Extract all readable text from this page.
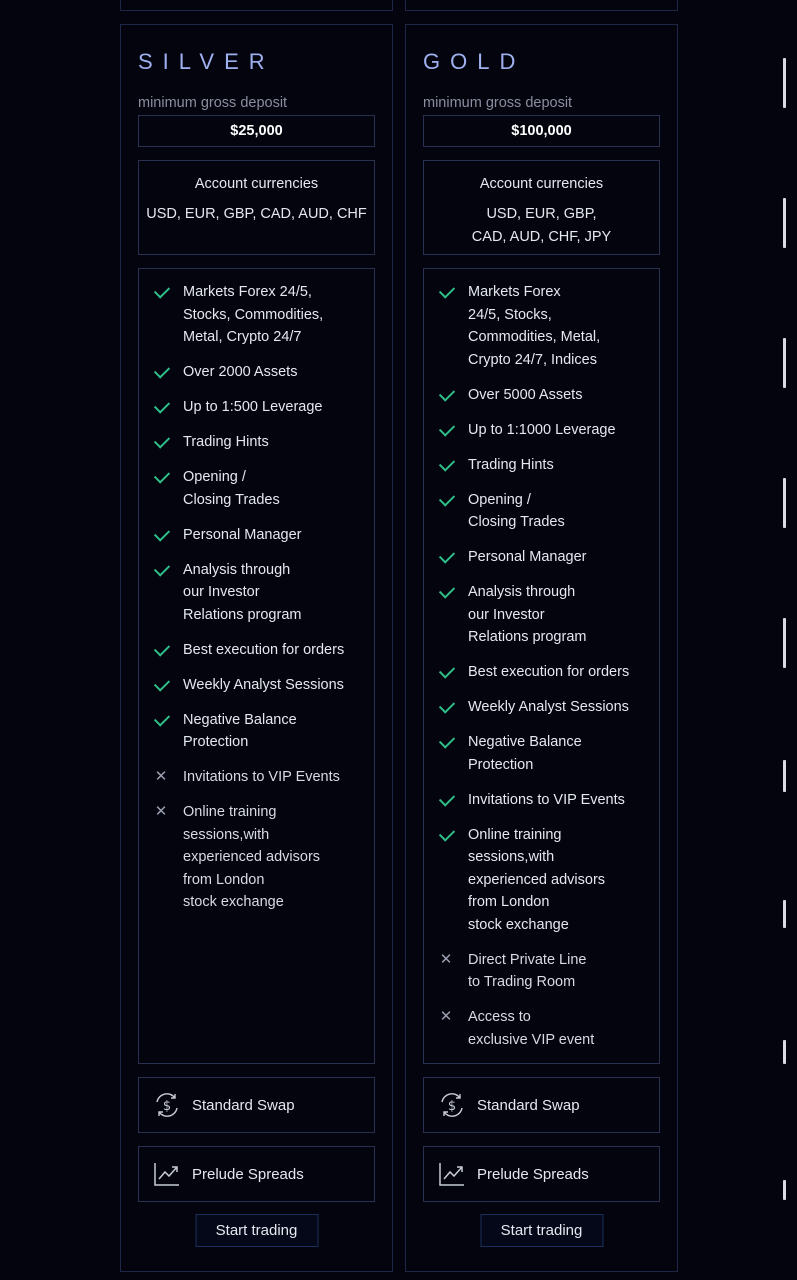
SILVER
minimum gross deposit
$25,000
Account currencies
USD, EUR, GBP, CAD, AUD, CHF
Markets Forex 24/5,
Stocks, Commodities,
Metal, Crypto 24/7
Over 2000 Assets
Up to 1:500 Leverage
Trading Hints
Opening /
Closing Trades
Personal Manager
Analysis through
our Investor
Relations program
Best execution for orders
Weekly Analyst Sessions
Negative Balance
Protection
✕ Invitations to VIP Events
✕ Online training
sessions,with
experienced advisors
from London
stock exchange
$ Standard Swap
Prelude Spreads
Start trading
GOLD
minimum gross deposit
$100,000
Account currencies
USD, EUR, GBP,
CAD, AUD, CHF, JPY
Markets Forex
24/5, Stocks,
Commodities, Metal,
Crypto 24/7, Indices
Over 5000 Assets
Up to 1:1000 Leverage
Trading Hints
Opening /
Closing Trades
Personal Manager
Analysis through
our Investor
Relations program
Best execution for orders
Weekly Analyst Sessions
Negative Balance
Protection
Invitations to VIP Events
Online training
sessions,with
experienced advisors
from London
stock exchange
✕ Direct Private Line
to Trading Room
✕ Access to
exclusive VIP event
$ Standard Swap
Prelude Spreads
Start trading
